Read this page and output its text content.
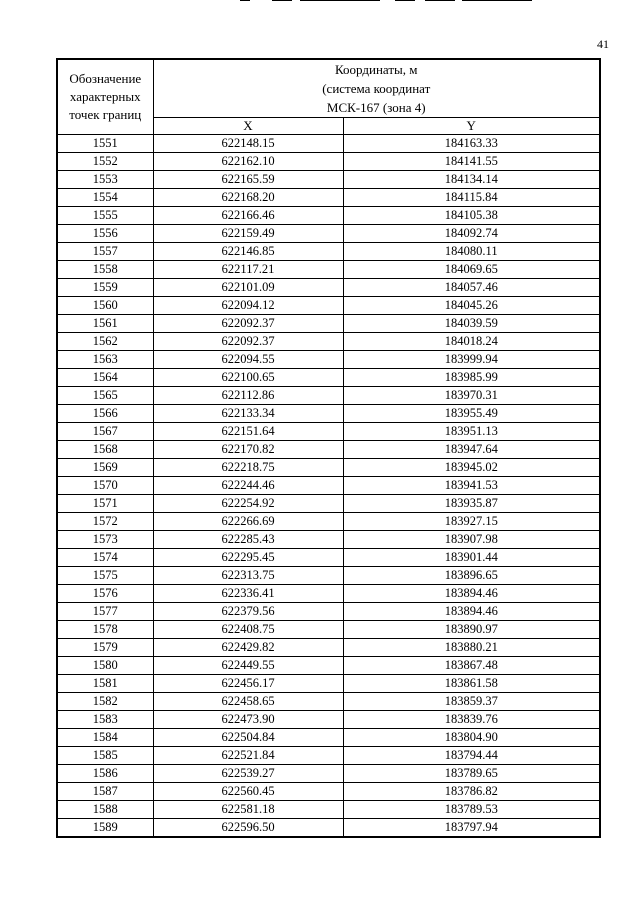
41
Обозначение
характерных
точек границ	Координаты, м
(система координат
МСК-167 (зона 4)	

	X	Y
1551	622148.15	184163.33
1552	622162.10	184141.55
1553	622165.59	184134.14
1554	622168.20	184115.84
1555	622166.46	184105.38
1556	622159.49	184092.74
1557	622146.85	184080.11
1558	622117.21	184069.65
1559	622101.09	184057.46
1560	622094.12	184045.26
1561	622092.37	184039.59
1562	622092.37	184018.24
1563	622094.55	183999.94
1564	622100.65	183985.99
1565	622112.86	183970.31
1566	622133.34	183955.49
1567	622151.64	183951.13
1568	622170.82	183947.64
1569	622218.75	183945.02
1570	622244.46	183941.53
1571	622254.92	183935.87
1572	622266.69	183927.15
1573	622285.43	183907.98
1574	622295.45	183901.44
1575	622313.75	183896.65
1576	622336.41	183894.46
1577	622379.56	183894.46
1578	622408.75	183890.97
1579	622429.82	183880.21
1580	622449.55	183867.48
1581	622456.17	183861.58
1582	622458.65	183859.37
1583	622473.90	183839.76
1584	622504.84	183804.90
1585	622521.84	183794.44
1586	622539.27	183789.65
1587	622560.45	183786.82
1588	622581.18	183789.53
1589	622596.50	183797.94
